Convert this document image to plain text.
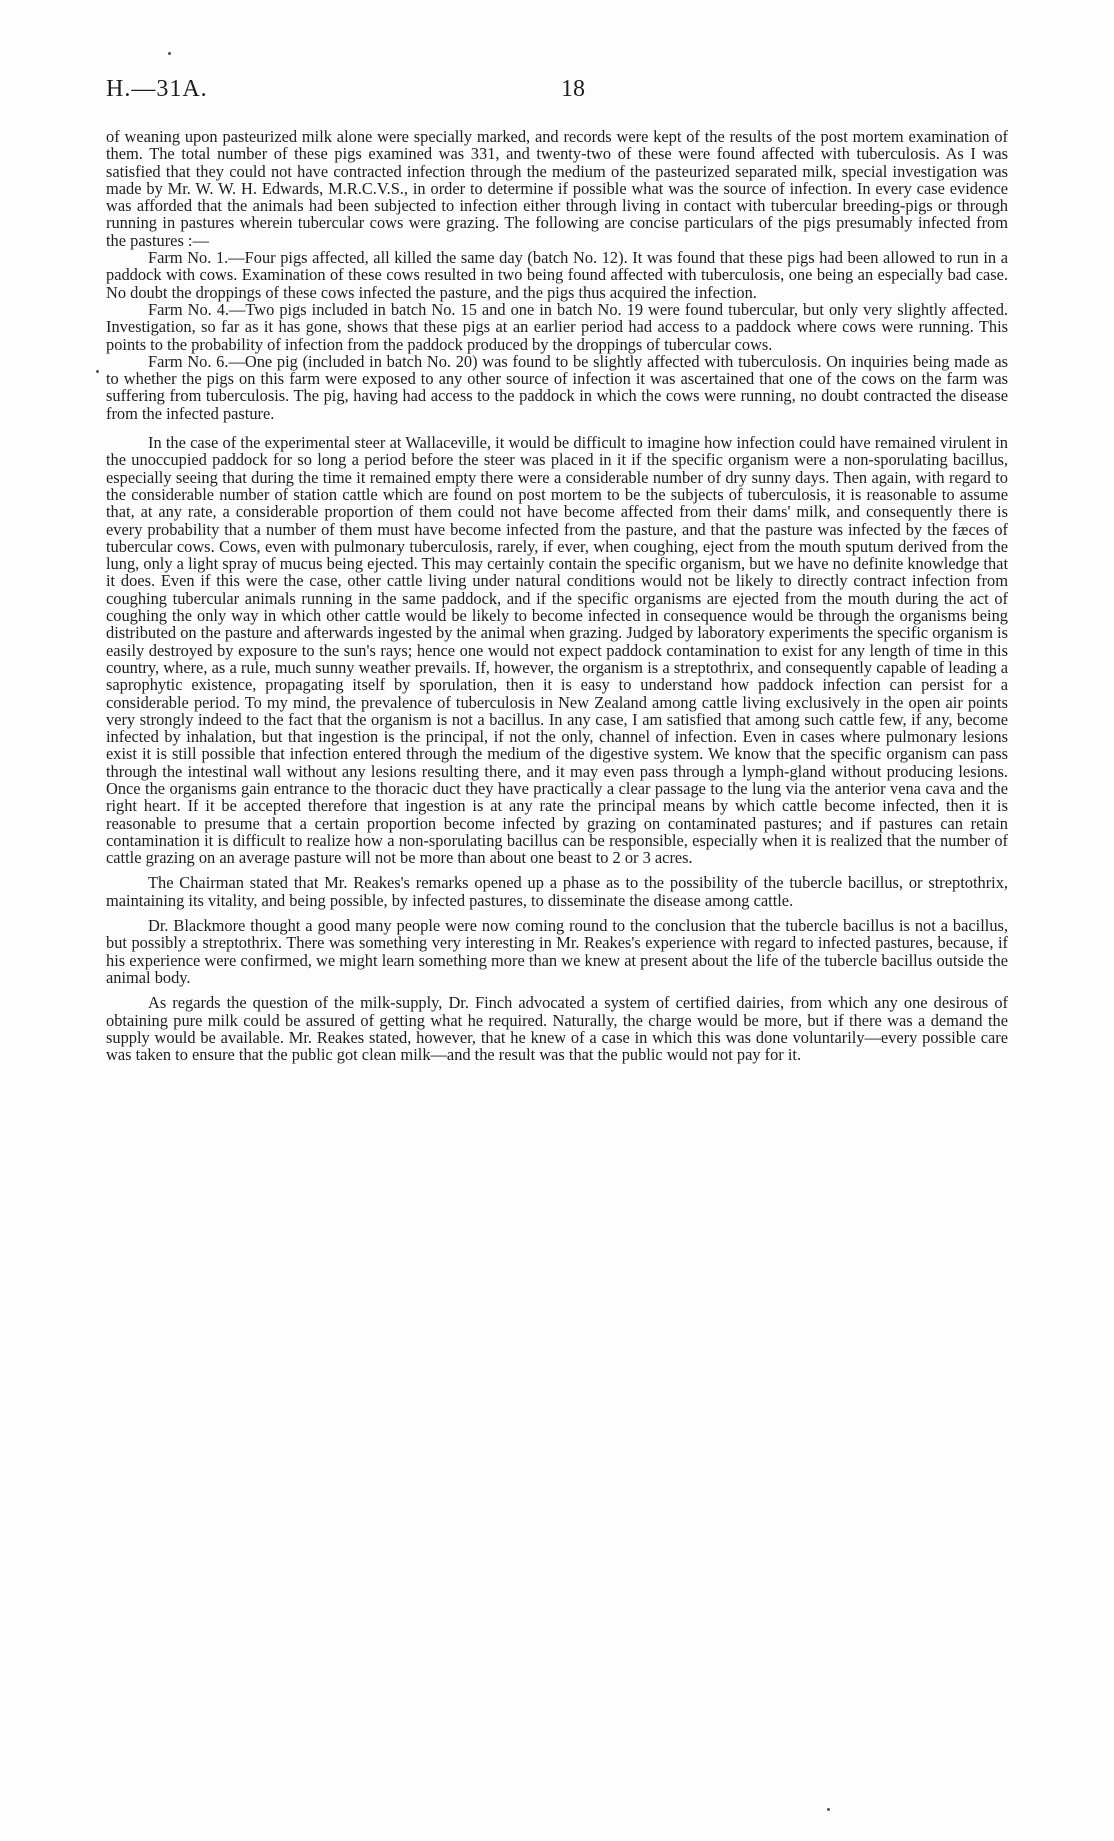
H.—31A.	18

of weaning upon pasteurized milk alone were specially marked, and records were kept of the results of the post mortem examination of them. The total number of these pigs examined was 331, and twenty-two of these were found affected with tuberculosis. As I was satisfied that they could not have contracted infection through the medium of the pasteurized separated milk, special investigation was made by Mr. W. W. H. Edwards, M.R.C.V.S., in order to determine if possible what was the source of infection. In every case evidence was afforded that the animals had been subjected to infection either through living in contact with tubercular breeding-pigs or through running in pastures wherein tubercular cows were grazing. The following are concise particulars of the pigs presumably infected from the pastures :—

Farm No. 1.—Four pigs affected, all killed the same day (batch No. 12). It was found that these pigs had been allowed to run in a paddock with cows. Examination of these cows resulted in two being found affected with tuberculosis, one being an especially bad case. No doubt the droppings of these cows infected the pasture, and the pigs thus acquired the infection.

Farm No. 4.—Two pigs included in batch No. 15 and one in batch No. 19 were found tubercular, but only very slightly affected. Investigation, so far as it has gone, shows that these pigs at an earlier period had access to a paddock where cows were running. This points to the probability of infection from the paddock produced by the droppings of tubercular cows.

Farm No. 6.—One pig (included in batch No. 20) was found to be slightly affected with tuberculosis. On inquiries being made as to whether the pigs on this farm were exposed to any other source of infection it was ascertained that one of the cows on the farm was suffering from tuberculosis. The pig, having had access to the paddock in which the cows were running, no doubt contracted the disease from the infected pasture.

In the case of the experimental steer at Wallaceville, it would be difficult to imagine how infection could have remained virulent in the unoccupied paddock for so long a period before the steer was placed in it if the specific organism were a non-sporulating bacillus, especially seeing that during the time it remained empty there were a considerable number of dry sunny days. Then again, with regard to the considerable number of station cattle which are found on post mortem to be the subjects of tuberculosis, it is reasonable to assume that, at any rate, a considerable proportion of them could not have become affected from their dams' milk, and consequently there is every probability that a number of them must have become infected from the pasture, and that the pasture was infected by the fæces of tubercular cows. Cows, even with pulmonary tuberculosis, rarely, if ever, when coughing, eject from the mouth sputum derived from the lung, only a light spray of mucus being ejected. This may certainly contain the specific organism, but we have no definite knowledge that it does. Even if this were the case, other cattle living under natural conditions would not be likely to directly contract infection from coughing tubercular animals running in the same paddock, and if the specific organisms are ejected from the mouth during the act of coughing the only way in which other cattle would be likely to become infected in consequence would be through the organisms being distributed on the pasture and afterwards ingested by the animal when grazing. Judged by laboratory experiments the specific organism is easily destroyed by exposure to the sun's rays; hence one would not expect paddock contamination to exist for any length of time in this country, where, as a rule, much sunny weather prevails. If, however, the organism is a streptothrix, and consequently capable of leading a saprophytic existence, propagating itself by sporulation, then it is easy to understand how paddock infection can persist for a considerable period. To my mind, the prevalence of tuberculosis in New Zealand among cattle living exclusively in the open air points very strongly indeed to the fact that the organism is not a bacillus. In any case, I am satisfied that among such cattle few, if any, become infected by inhalation, but that ingestion is the principal, if not the only, channel of infection. Even in cases where pulmonary lesions exist it is still possible that infection entered through the medium of the digestive system. We know that the specific organism can pass through the intestinal wall without any lesions resulting there, and it may even pass through a lymph-gland without producing lesions. Once the organisms gain entrance to the thoracic duct they have practically a clear passage to the lung via the anterior vena cava and the right heart. If it be accepted therefore that ingestion is at any rate the principal means by which cattle become infected, then it is reasonable to presume that a certain proportion become infected by grazing on contaminated pastures; and if pastures can retain contamination it is difficult to realize how a non-sporulating bacillus can be responsible, especially when it is realized that the number of cattle grazing on an average pasture will not be more than about one beast to 2 or 3 acres.

The Chairman stated that Mr. Reakes's remarks opened up a phase as to the possibility of the tubercle bacillus, or streptothrix, maintaining its vitality, and being possible, by infected pastures, to disseminate the disease among cattle.

Dr. Blackmore thought a good many people were now coming round to the conclusion that the tubercle bacillus is not a bacillus, but possibly a streptothrix. There was something very interesting in Mr. Reakes's experience with regard to infected pastures, because, if his experience were confirmed, we might learn something more than we knew at present about the life of the tubercle bacillus outside the animal body.

As regards the question of the milk-supply, Dr. Finch advocated a system of certified dairies, from which any one desirous of obtaining pure milk could be assured of getting what he required. Naturally, the charge would be more, but if there was a demand the supply would be available. Mr. Reakes stated, however, that he knew of a case in which this was done voluntarily—every possible care was taken to ensure that the public got clean milk—and the result was that the public would not pay for it.
